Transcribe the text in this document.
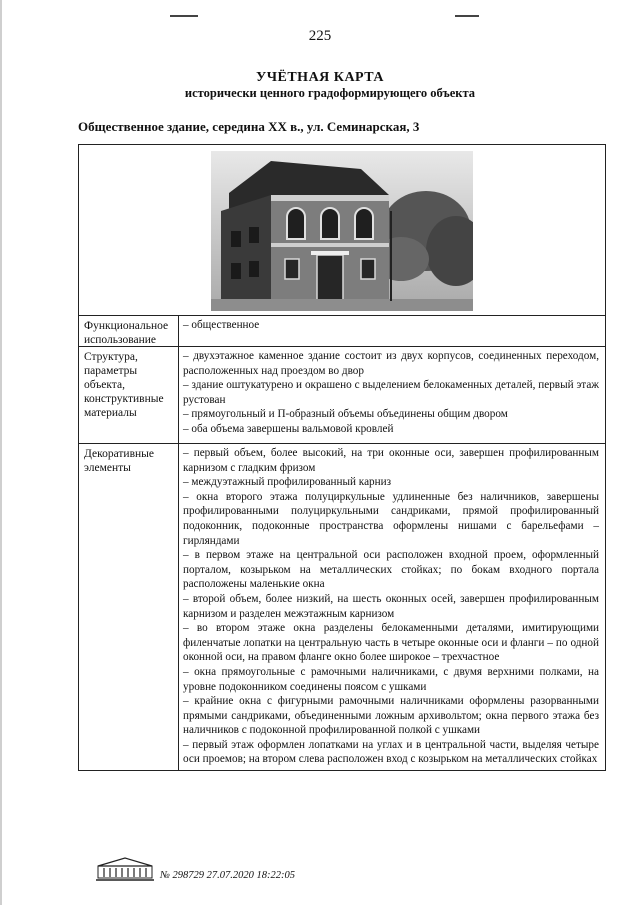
225
УЧЁТНАЯ КАРТА
исторически ценного градоформирующего объекта
Общественное здание, середина XX в., ул. Семинарская, 3
Функциональное использование

– общественное

Структура, параметры объекта, конструктивные материалы

– двухэтажное каменное здание состоит из двух корпусов, соединенных переходом, расположенных над проездом во двор

– здание оштукатурено и окрашено с выделением белокаменных деталей, первый этаж рустован

– прямоугольный и П-образный объемы объединены общим двором

– оба объема завершены вальмовой кровлей

Декоративные элементы

– первый объем, более высокий, на три оконные оси, завершен профилированным карнизом с гладким фризом

– междуэтажный профилированный карниз

– окна второго этажа полуциркульные удлиненные без наличников, завершены профилированными полуциркульными сандриками, прямой профилированный подоконник, подоконные пространства оформлены нишами с барельефами – гирляндами

– в первом этаже на центральной оси расположен входной проем, оформленный порталом, козырьком на металлических стойках; по бокам входного портала расположены маленькие окна

– второй объем, более низкий, на шесть оконных осей, завершен профилированным карнизом и разделен межэтажным карнизом

– во втором этаже окна разделены белокаменными деталями, имитирующими филенчатые лопатки на центральную часть в четыре оконные оси и фланги – по одной оконной оси, на правом фланге окно более широкое – трехчастное

– окна прямоугольные с рамочными наличниками, с двумя верхними полками, на уровне подоконником соединены поясом с ушками

– крайние окна с фигурными рамочными наличниками оформлены разорванными прямыми сандриками, объединенными ложным архивольтом; окна первого этажа без наличников с подоконной профилированной полкой с ушками

– первый этаж оформлен лопатками на углах и в центральной части, выделяя четыре оси проемов; на втором слева расположен вход с козырьком на металлических стойках

№ 298729 27.07.2020 18:22:05
